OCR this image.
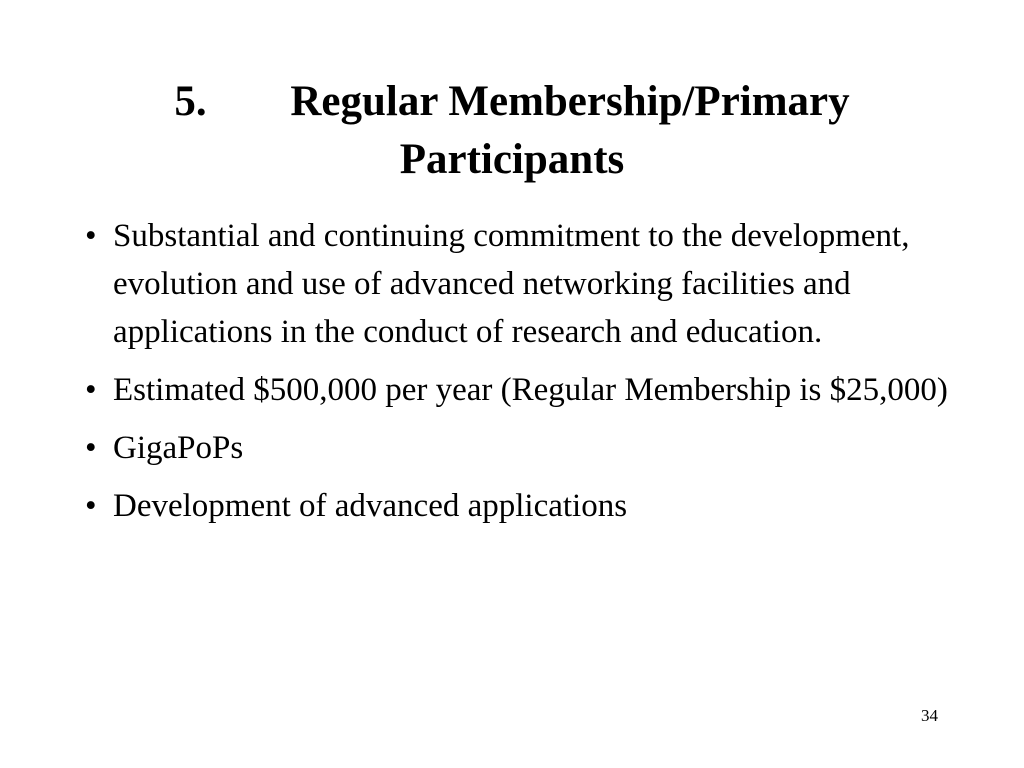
5. Regular Membership/Primary
Participants
• Substantial and continuing commitment to the development, evolution and use of advanced networking facilities and applications in the conduct of research and education.
• Estimated $500,000 per year (Regular Membership is $25,000)
• GigaPoPs
• Development of advanced applications
34
